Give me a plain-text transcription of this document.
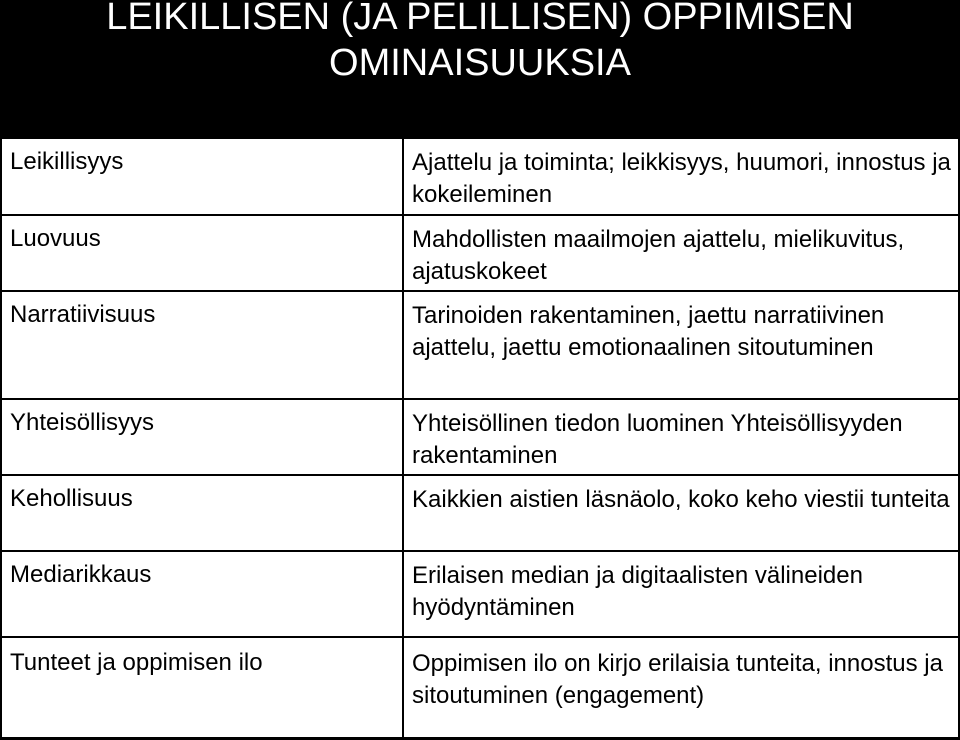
LEIKILLISEN (JA PELILLISEN) OPPIMISEN
OMINAISUUKSIA
Leikillisyys	Ajattelu ja toiminta; leikkisyys, huumori, innostus ja kokeileminen
Luovuus	Mahdollisten maailmojen ajattelu, mielikuvitus, ajatuskokeet
Narratiivisuus	Tarinoiden rakentaminen, jaettu narratiivinen ajattelu, jaettu emotionaalinen sitoutuminen
Yhteisöllisyys	Yhteisöllinen tiedon luominen Yhteisöllisyyden rakentaminen
Kehollisuus	Kaikkien aistien läsnäolo, koko keho viestii tunteita
Mediarikkaus	Erilaisen median ja digitaalisten välineiden hyödyntäminen
Tunteet ja oppimisen ilo	Oppimisen ilo on kirjo erilaisia tunteita, innostus ja sitoutuminen (engagement)
